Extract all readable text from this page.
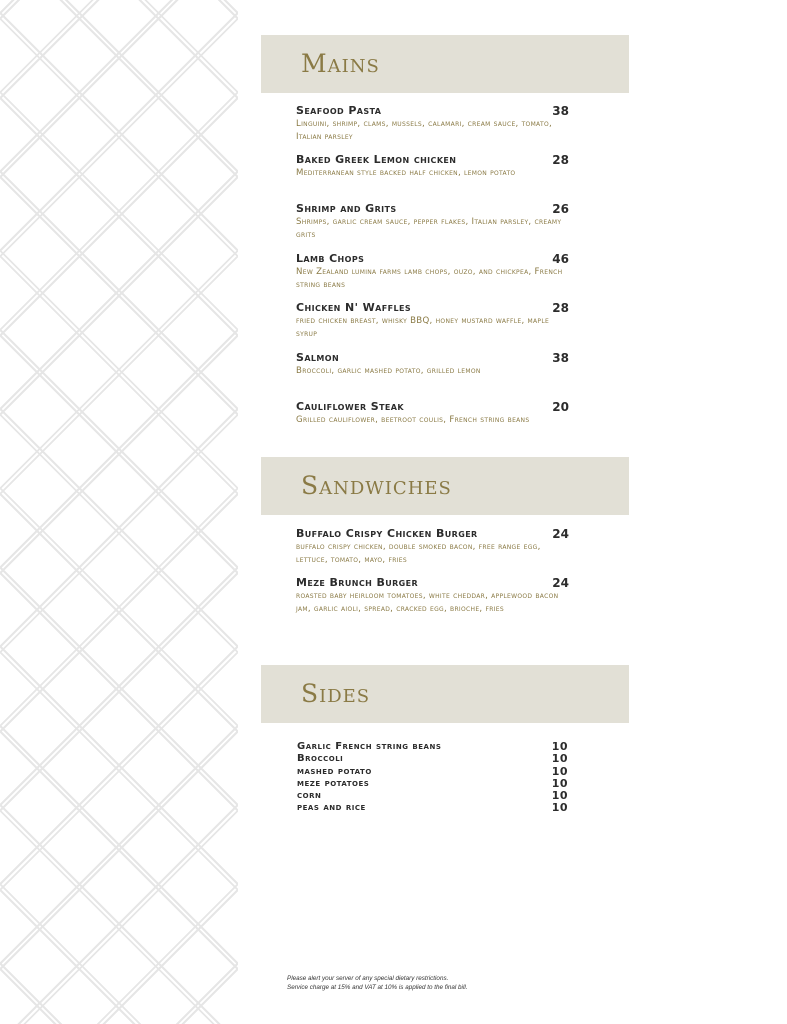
Mains
Seafood Pasta	38
Linguini, shrimp, clams, mussels, calamari, cream sauce, tomato, Italian parsley
Baked Greek Lemon chicken	28
Mediterranean style backed half chicken, lemon potato
Shrimp and Grits	26
Shrimps, garlic cream sauce, pepper flakes, Italian parsley, creamy grits
Lamb Chops	46
New Zealand lumina farms lamb chops, ouzo, and chickpea, French string beans
Chicken N' Waffles	28
fried chicken breast, whisky BBQ, honey mustard waffle, maple syrup
Salmon	38
Broccoli, garlic mashed potato, grilled lemon
Cauliflower Steak	20
Grilled cauliflower, beetroot coulis, French string beans
Sandwiches
Buffalo Crispy Chicken Burger	24
buffalo crispy chicken, double smoked bacon, free range egg, lettuce, tomato, mayo, fries
Meze Brunch Burger	24
roasted baby heirloom tomatoes, white cheddar, applewood bacon jam, garlic aioli, spread, cracked egg, brioche, fries
Sides
Garlic French string beans	10
Broccoli	10
mashed potato	10
meze potatoes	10
corn	10
peas and rice	10
Please alert your server of any special dietary restrictions.
Service charge at 15% and VAT at 10% is applied to the final bill.
